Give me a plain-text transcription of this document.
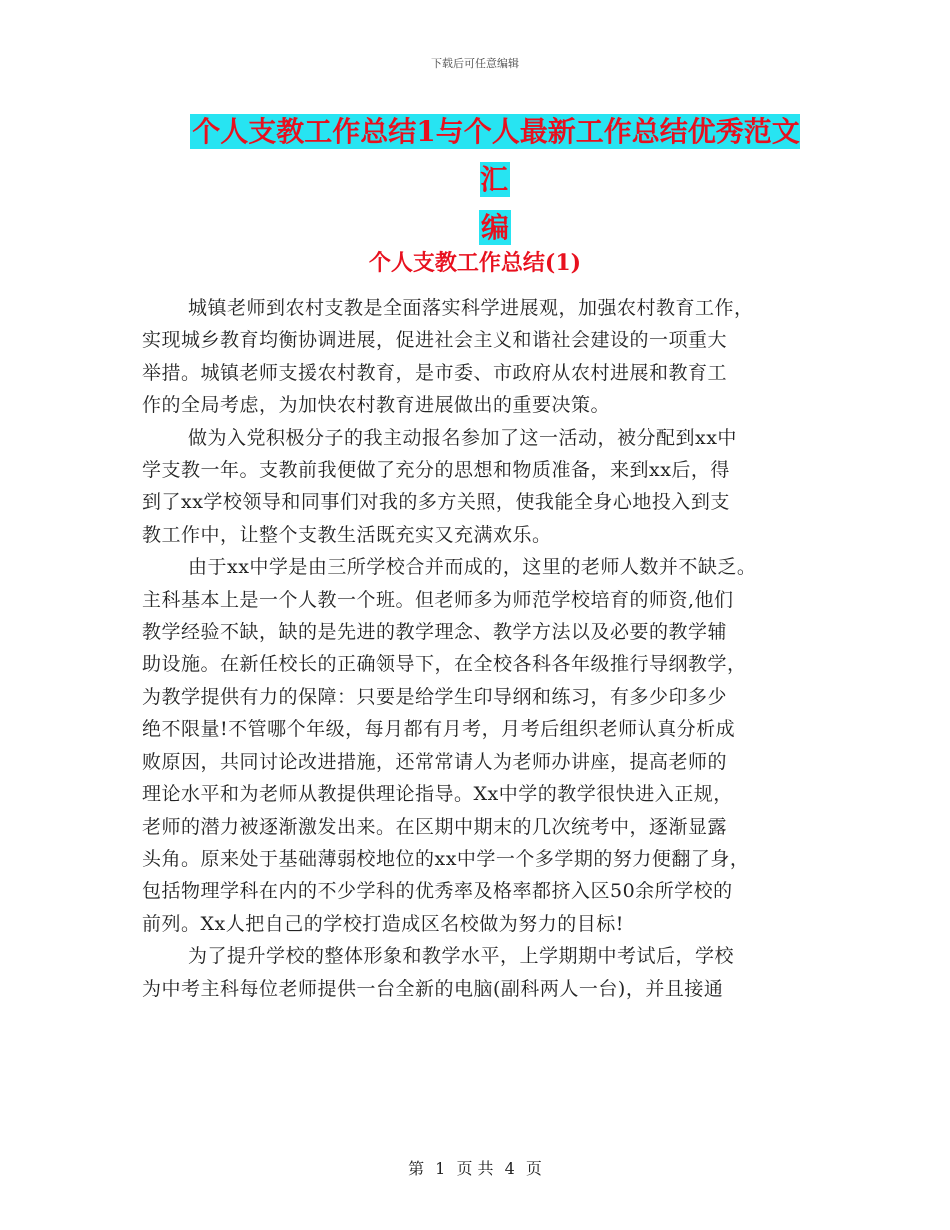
下载后可任意编辑
个人支教工作总结1与个人最新工作总结优秀范文汇
编
个人支教工作总结(1)

城镇老师到农村支教是全面落实科学进展观，加强农村教育工作，
实现城乡教育均衡协调进展，促进社会主义和谐社会建设的一项重大
举措。城镇老师支援农村教育，是市委、市政府从农村进展和教育工
作的全局考虑，为加快农村教育进展做出的重要决策。

做为入党积极分子的我主动报名参加了这一活动，被分配到xx中
学支教一年。支教前我便做了充分的思想和物质准备，来到xx后，得
到了xx学校领导和同事们对我的多方关照，使我能全身心地投入到支
教工作中，让整个支教生活既充实又充满欢乐。

由于xx中学是由三所学校合并而成的，这里的老师人数并不缺乏。
主科基本上是一个人教一个班。但老师多为师范学校培育的师资,他们
教学经验不缺，缺的是先进的教学理念、教学方法以及必要的教学辅
助设施。在新任校长的正确领导下，在全校各科各年级推行导纲教学，
为教学提供有力的保障：只要是给学生印导纲和练习，有多少印多少
绝不限量!不管哪个年级，每月都有月考，月考后组织老师认真分析成
败原因，共同讨论改进措施，还常常请人为老师办讲座，提高老师的
理论水平和为老师从教提供理论指导。Xx中学的教学很快进入正规，
老师的潜力被逐渐激发出来。在区期中期末的几次统考中，逐渐显露
头角。原来处于基础薄弱校地位的xx中学一个多学期的努力便翻了身，
包括物理学科在内的不少学科的优秀率及格率都挤入区50余所学校的
前列。Xx人把自己的学校打造成区名校做为努力的目标!

为了提升学校的整体形象和教学水平，上学期期中考试后，学校
为中考主科每位老师提供一台全新的电脑(副科两人一台)，并且接通

第 1 页 共 4 页
